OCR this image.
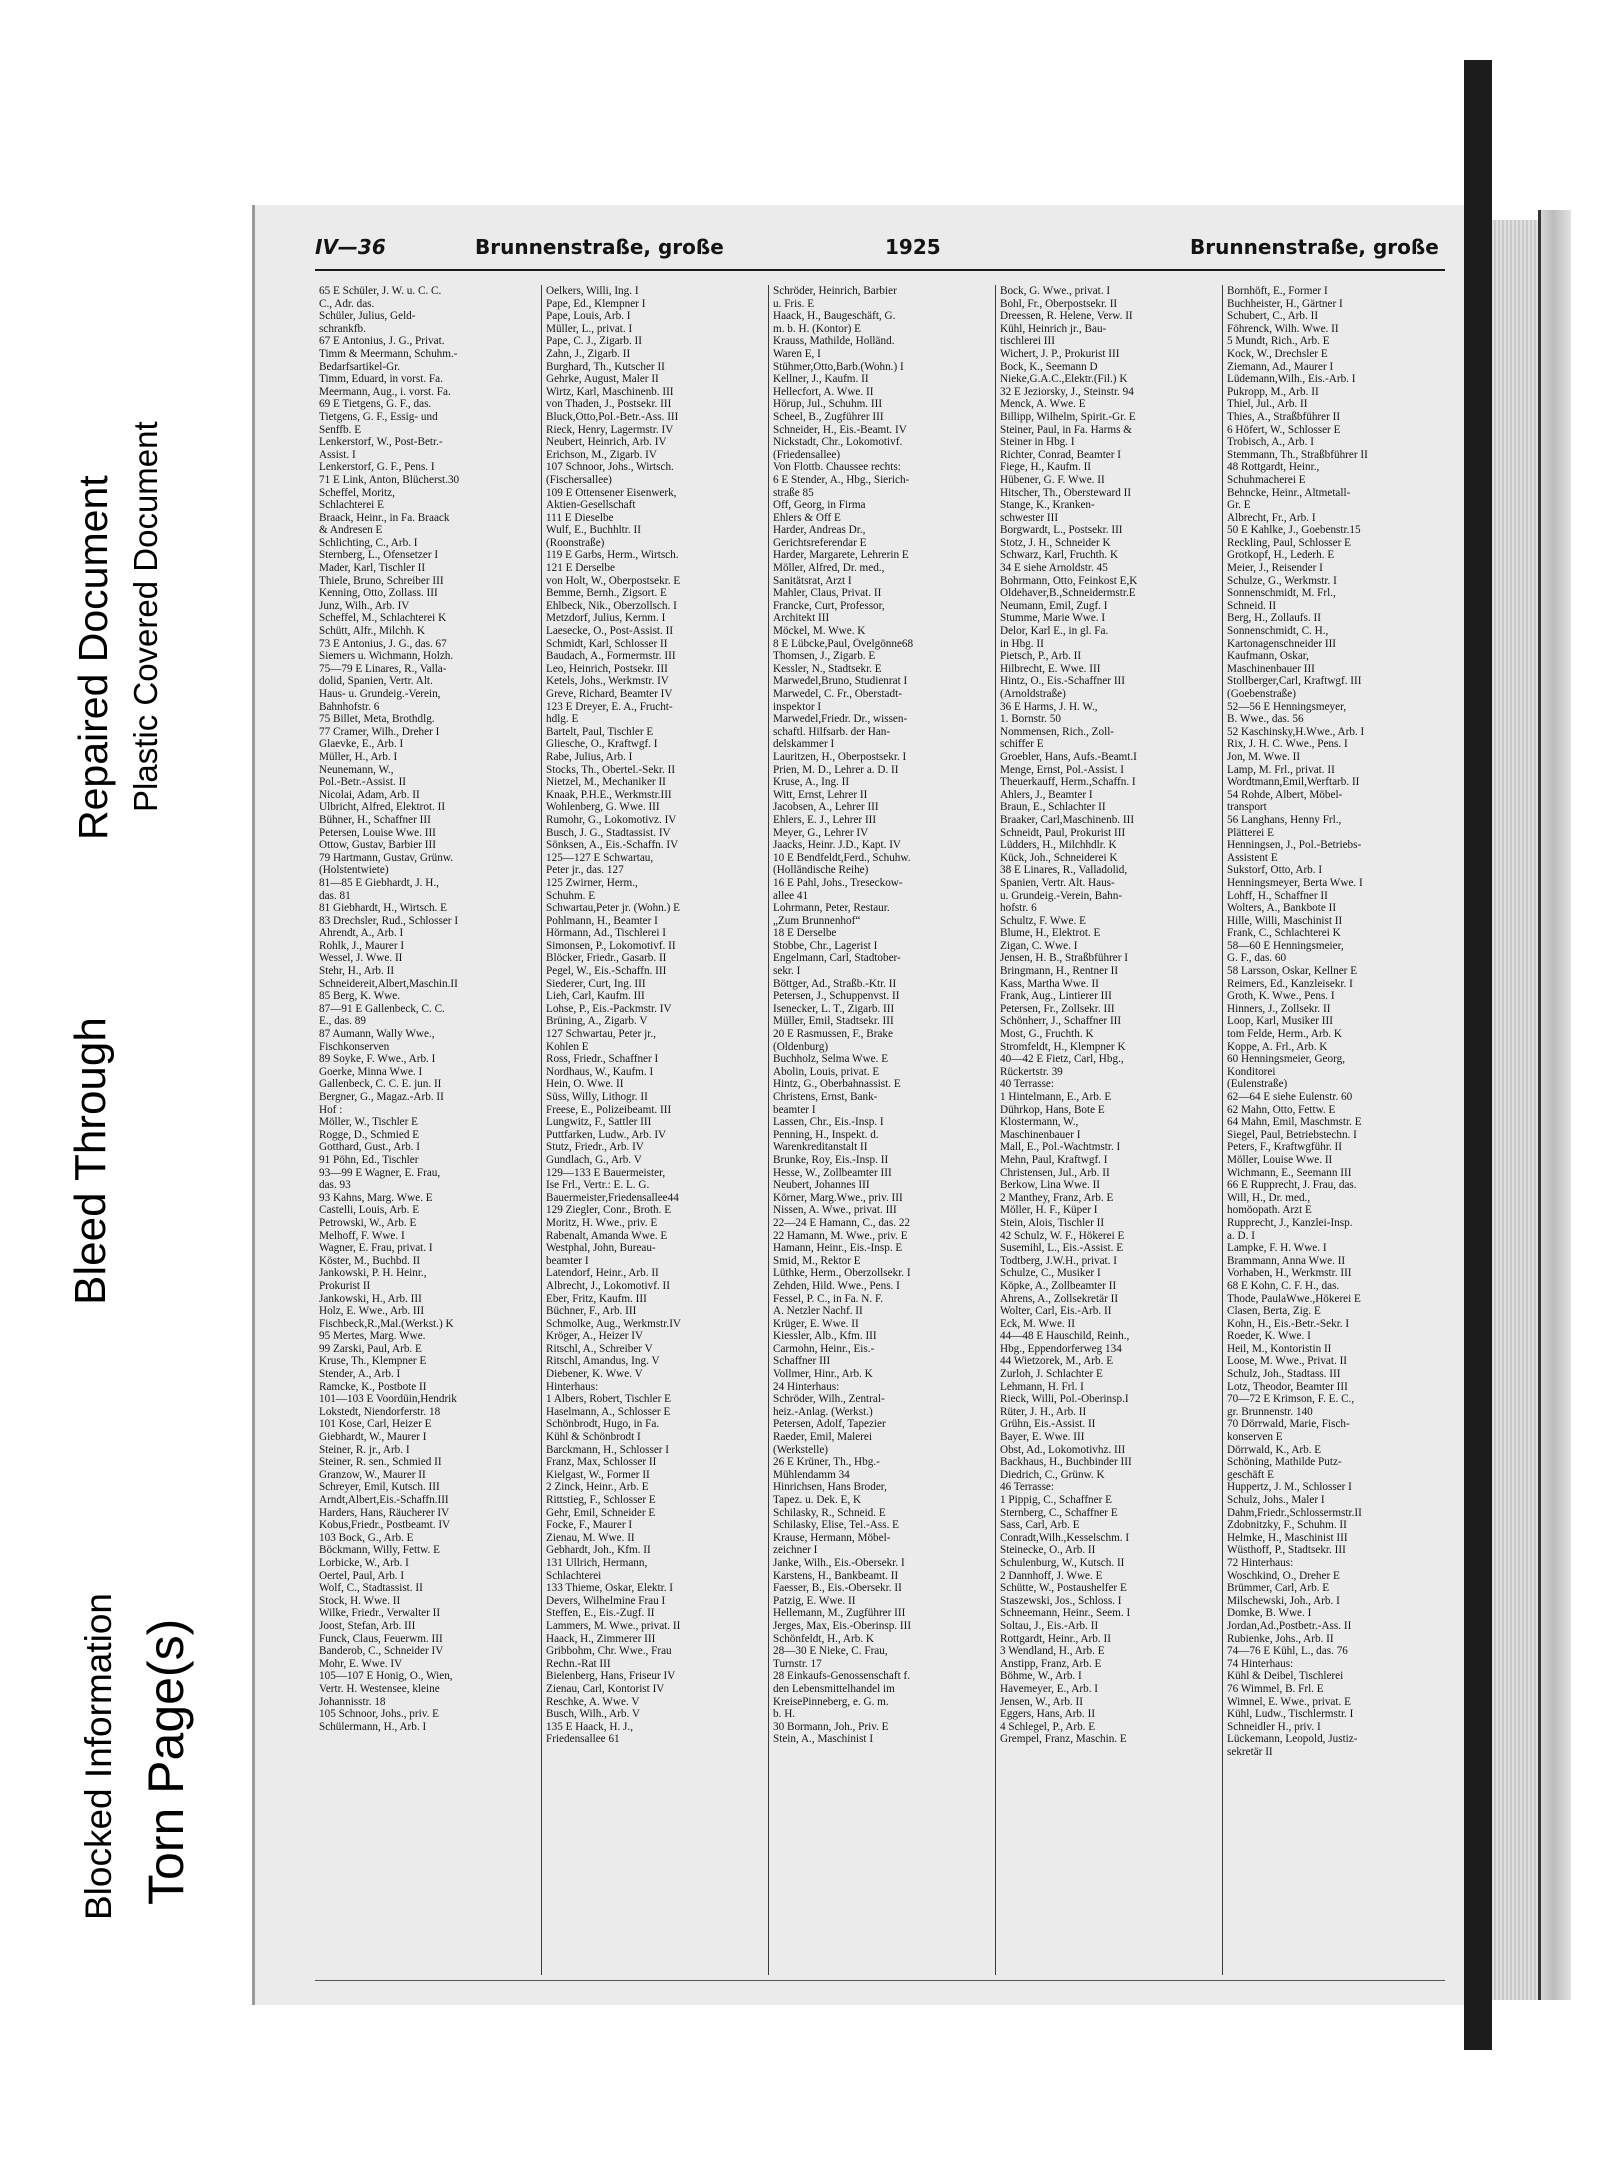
Bleed Through
Repaired Document Plastic Covered Document
Blocked Information Torn Page(s)
IV—36	Brunnenstraße, große	1925	Brunnenstraße, große
65 E Schüler, J. W. u. C. C.
C., Adr. das.
Schüler, Julius, Geld-
schrankfb.
67 E Antonius, J. G., Privat.
Timm & Meermann, Schuhm.-
Bedarfsartikel-Gr.
Timm, Eduard, in vorst. Fa.
Meermann, Aug., i. vorst. Fa.
69 E Tietgens, G. F., das.
Tietgens, G. F., Essig- und
Senffb. E
Lenkerstorf, W., Post-Betr.-
Assist. I
Lenkerstorf, G. F., Pens. I
71 E Link, Anton, Blücherst.30
Scheffel, Moritz,
Schlachterei E
Braack, Heinr., in Fa. Braack
& Andresen E
Schlichting, C., Arb. I
Sternberg, L., Ofensetzer I
Mader, Karl, Tischler II
Thiele, Bruno, Schreiber III
Kenning, Otto, Zollass. III
Junz, Wilh., Arb. IV
Scheffel, M., Schlachterei K
Schütt, Alfr., Milchh. K
73 E Antonius, J. G., das. 67
Siemers u. Wichmann, Holzh.
75—79 E Linares, R., Valla-
dolid, Spanien, Vertr. Alt.
Haus- u. Grundeig.-Verein,
Bahnhofstr. 6
75 Billet, Meta, Brothdlg.
77 Cramer, Wilh., Dreher I
Glaevke, E., Arb. I
Müller, H., Arb. I
Neunemann, W.,
Pol.-Betr.-Assist. II
Nicolai, Adam, Arb. II
Ulbricht, Alfred, Elektrot. II
Bühner, H., Schaffner III
Petersen, Louise Wwe. III
Ottow, Gustav, Barbier III
79 Hartmann, Gustav, Grünw.
(Holstentwiete)
81—85 E Giebhardt, J. H.,
das. 81
81 Giebhardt, H., Wirtsch. E
83 Drechsler, Rud., Schlosser I
Ahrendt, A., Arb. I
Rohlk, J., Maurer I
Wessel, J. Wwe. II
Stehr, H., Arb. II
Schneidereit,Albert,Maschin.II
85 Berg, K. Wwe.
87—91 E Gallenbeck, C. C.
E., das. 89
87 Aumann, Wally Wwe.,
Fischkonserven
89 Soyke, F. Wwe., Arb. I
Goerke, Minna Wwe. I
Gallenbeck, C. C. E. jun. II
Bergner, G., Magaz.-Arb. II
Hof :
Möller, W., Tischler E
Rogge, D., Schmied E
Gotthard, Gust., Arb. I
91 Pöhn, Ed., Tischler
93—99 E Wagner, E. Frau,
das. 93
93 Kahns, Marg. Wwe. E
Castelli, Louis, Arb. E
Petrowski, W., Arb. E
Melhoff, F. Wwe. I
Wagner, E. Frau, privat. I
Köster, M., Buchbd. II
Jankowski, P. H. Heinr.,
Prokurist II
Jankowski, H., Arb. III
Holz, E. Wwe., Arb. III
Fischbeck,R.,Mal.(Werkst.) K
95 Mertes, Marg. Wwe.
99 Zarski, Paul, Arb. E
Kruse, Th., Klempner E
Stender, A., Arb. I
Ramcke, K., Postbote II
101—103 E Voordüin,Hendrik
Lokstedt, Niendorferstr. 18
101 Kose, Carl, Heizer E
Giebhardt, W., Maurer I
Steiner, R. jr., Arb. I
Steiner, R. sen., Schmied II
Granzow, W., Maurer II
Schreyer, Emil, Kutsch. III
Arndt,Albert,Eis.-Schaffn.III
Harders, Hans, Räucherer IV
Kobus,Friedr., Postbeamt. IV
103 Bock, G., Arb. E
Böckmann, Willy, Fettw. E
Lorbicke, W., Arb. I
Oertel, Paul, Arb. I
Wolf, C., Stadtassist. II
Stock, H. Wwe. II
Wilke, Friedr., Verwalter II
Joost, Stefan, Arb. III
Funck, Claus, Feuerwm. III
Banderob, C., Schneider IV
Mohr, E. Wwe. IV
105—107 E Honig, O., Wien,
Vertr. H. Westensee, kleine
Johannisstr. 18
105 Schnoor, Johs., priv. E
Schülermann, H., Arb. I
Oelkers, Willi, Ing. I
Pape, Ed., Klempner I
Pape, Louis, Arb. I
Müller, L., privat. I
Pape, C. J., Zigarb. II
Zahn, J., Zigarb. II
Burghard, Th., Kutscher II
Gehrke, August, Maler II
Wirtz, Karl, Maschinenb. III
von Thaden, J., Postsekr. III
Bluck,Otto,Pol.-Betr.-Ass. III
Rieck, Henry, Lagermstr. IV
Neubert, Heinrich, Arb. IV
Erichson, M., Zigarb. IV
107 Schnoor, Johs., Wirtsch.
(Fischersallee)
109 E Ottensener Eisenwerk,
Aktien-Gesellschaft
111 E Dieselbe
Wulf, E., Buchhltr. II
(Roonstraße)
119 E Garbs, Herm., Wirtsch.
121 E Derselbe
von Holt, W., Oberpostsekr. E
Bemme, Bernh., Zigsort. E
Ehlbeck, Nik., Oberzollsch. I
Metzdorf, Julius, Kernm. I
Laesecke, O., Post-Assist. II
Schmidt, Karl, Schlosser II
Baudach, A., Formermstr. III
Leo, Heinrich, Postsekr. III
Ketels, Johs., Werkmstr. IV
Greve, Richard, Beamter IV
123 E Dreyer, E. A., Frucht-
hdlg. E
Bartelt, Paul, Tischler E
Gliesche, O., Kraftwgf. I
Rabe, Julius, Arb. I
Stocks, Th., Obertel.-Sekr. II
Nietzel, M., Mechaniker II
Knaak, P.H.E., Werkmstr.III
Wohlenberg, G. Wwe. III
Rumohr, G., Lokomotivz. IV
Busch, J. G., Stadtassist. IV
Sönksen, A., Eis.-Schaffn. IV
125—127 E Schwartau,
Peter jr., das. 127
125 Zwirner, Herm.,
Schuhm. E
Schwartau,Peter jr. (Wohn.) E
Pohlmann, H., Beamter I
Hörmann, Ad., Tischlerei I
Simonsen, P., Lokomotivf. II
Blöcker, Friedr., Gasarb. II
Pegel, W., Eis.-Schaffn. III
Siederer, Curt, Ing. III
Lieh, Carl, Kaufm. III
Lohse, P., Eis.-Packmstr. IV
Brüning, A., Zigarb. V
127 Schwartau, Peter jr.,
Kohlen E
Ross, Friedr., Schaffner I
Nordhaus, W., Kaufm. I
Hein, O. Wwe. II
Süss, Willy, Lithogr. II
Freese, E., Polizeibeamt. III
Lungwitz, F., Sattler III
Puttfarken, Ludw., Arb. IV
Stutz, Friedr., Arb. IV
Gundlach, G., Arb. V
129—133 E Bauermeister,
Ise Frl., Vertr.: E. L. G.
Bauermeister,Friedensallee44
129 Ziegler, Conr., Broth. E
Moritz, H. Wwe., priv. E
Rabenalt, Amanda Wwe. E
Westphal, John, Bureau-
beamter I
Latendorf, Heinr., Arb. II
Albrecht, J., Lokomotivf. II
Eber, Fritz, Kaufm. III
Büchner, F., Arb. III
Schmolke, Aug., Werkmstr.IV
Kröger, A., Heizer IV
Ritschl, A., Schreiber V
Ritschl, Amandus, Ing. V
Diebener, K. Wwe. V
Hinterhaus:
1 Albers, Robert, Tischler E
Haselmann, A., Schlosser E
Schönbrodt, Hugo, in Fa.
Kühl & Schönbrodt I
Barckmann, H., Schlosser I
Franz, Max, Schlosser II
Kielgast, W., Former II
2 Zinck, Heinr., Arb. E
Rittstieg, F., Schlosser E
Gehr, Emil, Schneider E
Focke, F., Maurer I
Zienau, M. Wwe. II
Gebhardt, Joh., Kfm. II
131 Ullrich, Hermann,
Schlachterei
133 Thieme, Oskar, Elektr. I
Devers, Wilhelmine Frau I
Steffen, E., Eis.-Zugf. II
Lammers, M. Wwe., privat. II
Haack, H., Zimmerer III
Gribbohm, Chr. Wwe., Frau
Rechn.-Rat III
Bielenberg, Hans, Friseur IV
Zienau, Carl, Kontorist IV
Reschke, A. Wwe. V
Busch, Wilh., Arb. V
135 E Haack, H. J.,
Friedensallee 61
Schröder, Heinrich, Barbier
u. Fris. E
Haack, H., Baugeschäft, G.
m. b. H. (Kontor) E
Krauss, Mathilde, Holländ.
Waren E, I
Stühmer,Otto,Barb.(Wohn.) I
Kellner, J., Kaufm. II
Hellecfort, A. Wwe. II
Hörup, Jul., Schuhm. III
Scheel, B., Zugführer III
Schneider, H., Eis.-Beamt. IV
Nickstadt, Chr., Lokomotivf.
(Friedensallee)
Von Flottb. Chaussee rechts:
6 E Stender, A., Hbg., Sierich-
straße 85
Off, Georg, in Firma
Ehlers & Off E
Harder, Andreas Dr.,
Gerichtsreferendar E
Harder, Margarete, Lehrerin E
Möller, Alfred, Dr. med.,
Sanitätsrat, Arzt I
Mahler, Claus, Privat. II
Francke, Curt, Professor,
Architekt III
Möckel, M. Wwe. K
8 E Lübcke,Paul, Övelgönne68
Thomsen, J., Zigarb. E
Kessler, N., Stadtsekr. E
Marwedel,Bruno, Studienrat I
Marwedel, C. Fr., Oberstadt-
inspektor I
Marwedel,Friedr. Dr., wissen-
schaftl. Hilfsarb. der Han-
delskammer I
Lauritzen, H., Oberpostsekr. I
Prien, M. D., Lehrer a. D. II
Kruse, A., Ing. II
Witt, Ernst, Lehrer II
Jacobsen, A., Lehrer III
Ehlers, E. J., Lehrer III
Meyer, G., Lehrer IV
Jaacks, Heinr. J.D., Kapt. IV
10 E Bendfeldt,Ferd., Schuhw.
(Holländische Reihe)
16 E Pahl, Johs., Treseckow-
allee 41
Lohrmann, Peter, Restaur.
„Zum Brunnenhof“
18 E Derselbe
Stobbe, Chr., Lagerist I
Engelmann, Carl, Stadtober-
sekr. I
Böttger, Ad., Straßb.-Ktr. II
Petersen, J., Schuppenvst. II
Isenecker, L. T., Zigarb. III
Müller, Emil, Stadtsekr. III
20 E Rasmussen, F., Brake
(Oldenburg)
Buchholz, Selma Wwe. E
Abolin, Louis, privat. E
Hintz, G., Oberbahnassist. E
Christens, Ernst, Bank-
beamter I
Lassen, Chr., Eis.-Insp. I
Penning, H., Inspekt. d.
Warenkreditanstalt II
Brunke, Roy, Eis.-Insp. II
Hesse, W., Zollbeamter III
Neubert, Johannes III
Körner, Marg.Wwe., priv. III
Nissen, A. Wwe., privat. III
22—24 E Hamann, C., das. 22
22 Hamann, M. Wwe., priv. E
Hamann, Heinr., Eis.-Insp. E
Smid, M., Rektor E
Lüthke, Herm., Oberzollsekr. I
Zehden, Hild. Wwe., Pens. I
Fessel, P. C., in Fa. N. F.
A. Netzler Nachf. II
Krüger, E. Wwe. II
Kiessler, Alb., Kfm. III
Carmohn, Heinr., Eis.-
Schaffner III
Vollmer, Hinr., Arb. K
24 Hinterhaus:
Schröder, Wilh., Zentral-
heiz.-Anlag. (Werkst.)
Petersen, Adolf, Tapezier
Raeder, Emil, Malerei
(Werkstelle)
26 E Krüner, Th., Hbg.-
Mühlendamm 34
Hinrichsen, Hans Broder,
Tapez. u. Dek. E, K
Schilasky, R., Schneid. E
Schilasky, Elise, Tel.-Ass. E
Krause, Hermann, Möbel-
zeichner I
Janke, Wilh., Eis.-Obersekr. I
Karstens, H., Bankbeamt. II
Faesser, B., Eis.-Obersekr. II
Patzig, E. Wwe. II
Hellemann, M., Zugführer III
Jerges, Max, Eis.-Oberinsp. III
Schönfeldt, H., Arb. K
28—30 E Nieke, C. Frau,
Turnstr. 17
28 Einkaufs-Genossenschaft f.
den Lebensmittelhandel im
KreisePinneberg, e. G. m.
b. H.
30 Bormann, Joh., Priv. E
Stein, A., Maschinist I
Bock, G. Wwe., privat. I
Bohl, Fr., Oberpostsekr. II
Dreessen, R. Helene, Verw. II
Kühl, Heinrich jr., Bau-
tischlerei III
Wichert, J. P., Prokurist III
Bock, K., Seemann D
Nieke,G.A.C.,Elektr.(Fil.) K
32 E Jeziorsky, J., Steinstr. 94
Menck, A. Wwe. E
Billipp, Wilhelm, Spirit.-Gr. E
Steiner, Paul, in Fa. Harms &
Steiner in Hbg. I
Richter, Conrad, Beamter I
Fiege, H., Kaufm. II
Hübener, G. F. Wwe. II
Hitscher, Th., Obersteward II
Stange, K., Kranken-
schwester III
Borgwardt, L., Postsekr. III
Stotz, J. H., Schneider K
Schwarz, Karl, Fruchth. K
34 E siehe Arnoldstr. 45
Bohrmann, Otto, Feinkost E,K
Oldehaver,B.,Schneidermstr.E
Neumann, Emil, Zugf. I
Stumme, Marie Wwe. I
Delor, Karl E., in gl. Fa.
in Hbg. II
Pietsch, P., Arb. II
Hilbrecht, E. Wwe. III
Hintz, O., Eis.-Schaffner III
(Arnoldstraße)
36 E Harms, J. H. W.,
1. Bornstr. 50
Nommensen, Rich., Zoll-
schiffer E
Groebler, Hans, Aufs.-Beamt.I
Menge, Ernst, Pol.-Assist. I
Theuerkauff, Herm.,Schaffn. I
Ahlers, J., Beamter I
Braun, E., Schlachter II
Braaker, Carl,Maschinenb. III
Schneidt, Paul, Prokurist III
Lüdders, H., Milchhdlr. K
Kück, Joh., Schneiderei K
38 E Linares, R., Valladolid,
Spanien, Vertr. Alt. Haus-
u. Grundeig.-Verein, Bahn-
hofstr. 6
Schultz, F. Wwe. E
Blume, H., Elektrot. E
Zigan, C. Wwe. I
Jensen, H. B., Straßbführer I
Bringmann, H., Rentner II
Kass, Martha Wwe. II
Frank, Aug., Lintierer III
Petersen, Fr., Zollsekr. III
Schönherr, J., Schaffner III
Most, G., Fruchth. K
Stromfeldt, H., Klempner K
40—42 E Fietz, Carl, Hbg.,
Rückertstr. 39
40 Terrasse:
1 Hintelmann, E., Arb. E
Dührkop, Hans, Bote E
Klostermann, W.,
Maschinenbauer I
Mall, E., Pol.-Wachtmstr. I
Mehn, Paul, Kraftwgf. I
Christensen, Jul., Arb. II
Berkow, Lina Wwe. II
2 Manthey, Franz, Arb. E
Möller, H. F., Küper I
Stein, Alois, Tischler II
42 Schulz, W. F., Hökerei E
Susemihl, L., Eis.-Assist. E
Todtberg, J.W.H., privat. I
Schulze, C., Musiker I
Köpke, A., Zollbeamter II
Ahrens, A., Zollsekretär II
Wolter, Carl, Eis.-Arb. II
Eck, M. Wwe. II
44—48 E Hauschild, Reinh.,
Hbg., Eppendorferweg 134
44 Wietzorek, M., Arb. E
Zurloh, J. Schlachter E
Lehmann, H. Frl. I
Rieck, Willi, Pol.-Oberinsp.I
Rüter, J. H., Arb. II
Grühn, Eis.-Assist. II
Bayer, E. Wwe. III
Obst, Ad., Lokomotivhz. III
Backhaus, H., Buchbinder III
Diedrich, C., Grünw. K
46 Terrasse:
1 Pippig, C., Schaffner E
Sternberg, C., Schaffner E
Sass, Carl, Arb. E
Conradt,Wilh.,Kesselschm. I
Steinecke, O., Arb. II
Schulenburg, W., Kutsch. II
2 Dannhoff, J. Wwe. E
Schütte, W., Postaushelfer E
Staszewski, Jos., Schloss. I
Schneemann, Heinr., Seem. I
Soltau, J., Eis.-Arb. II
Rottgardt, Heinr., Arb. II
3 Wendland, H., Arb. E
Anstipp, Franz, Arb. E
Böhme, W., Arb. I
Havemeyer, E., Arb. I
Jensen, W., Arb. II
Eggers, Hans, Arb. II
4 Schlegel, P., Arb. E
Grempel, Franz, Maschin. E
Bornhöft, E., Former I
Buchheister, H., Gärtner I
Schubert, C., Arb. II
Föhrenck, Wilh. Wwe. II
5 Mundt, Rich., Arb. E
Kock, W., Drechsler E
Ziemann, Ad., Maurer I
Lüdemann,Wilh., Eis.-Arb. I
Pukropp, M., Arb. II
Thiel, Jul., Arb. II
Thies, A., Straßbführer II
6 Höfert, W., Schlosser E
Trobisch, A., Arb. I
Stemmann, Th., Straßbführer II
48 Rottgardt, Heinr.,
Schuhmacherei E
Behncke, Heinr., Altmetall-
Gr. E
Albrecht, Fr., Arb. I
50 E Kahlke, J., Goebenstr.15
Reckling, Paul, Schlosser E
Grotkopf, H., Lederh. E
Meier, J., Reisender I
Schulze, G., Werkmstr. I
Sonnenschmidt, M. Frl.,
Schneid. II
Berg, H., Zollaufs. II
Sonnenschmidt, C. H.,
Kartonagenschneider III
Kaufmann, Oskar,
Maschinenbauer III
Stollberger,Carl, Kraftwgf. III
(Goebenstraße)
52—56 E Henningsmeyer,
B. Wwe., das. 56
52 Kaschinsky,H.Wwe., Arb. I
Rix, J. H. C. Wwe., Pens. I
Jon, M. Wwe. II
Lamp, M. Frl., privat. II
Wordtmann,Emil,Werftarb. II
54 Rohde, Albert, Möbel-
transport
56 Langhans, Henny Frl.,
Plätterei E
Henningsen, J., Pol.-Betriebs-
Assistent E
Sukstorf, Otto, Arb. I
Henningsmeyer, Berta Wwe. I
Lohff, H., Schaffner II
Wolters, A., Bankbote II
Hille, Willi, Maschinist II
Frank, C., Schlachterei K
58—60 E Henningsmeier,
G. F., das. 60
58 Larsson, Oskar, Kellner E
Reimers, Ed., Kanzleisekr. I
Groth, K. Wwe., Pens. I
Hinners, J., Zollsekr. II
Loop, Karl, Musiker III
tom Felde, Herm., Arb. K
Koppe, A. Frl., Arb. K
60 Henningsmeier, Georg,
Konditorei
(Eulenstraße)
62—64 E siehe Eulenstr. 60
62 Mahn, Otto, Fettw. E
64 Mahn, Emil, Maschmstr. E
Siegel, Paul, Betriebstechn. I
Peters, F., Kraftwgführ. II
Möller, Louise Wwe. II
Wichmann, E., Seemann III
66 E Rupprecht, J. Frau, das.
Will, H., Dr. med.,
homöopath. Arzt E
Rupprecht, J., Kanzlei-Insp.
a. D. I
Lampke, F. H. Wwe. I
Brammann, Anna Wwe. II
Vorhaben, H., Werkmstr. III
68 E Kohn, C. F. H., das.
Thode, PaulaWwe.,Hökerei E
Clasen, Berta, Zig. E
Kohn, H., Eis.-Betr.-Sekr. I
Roeder, K. Wwe. I
Heil, M., Kontoristin II
Loose, M. Wwe., Privat. II
Schulz, Joh., Stadtass. III
Lotz, Theodor, Beamter III
70—72 E Krimson, F. E. C.,
gr. Brunnenstr. 140
70 Dörrwald, Marie, Fisch-
konserven E
Dörrwald, K., Arb. E
Schöning, Mathilde Putz-
geschäft E
Huppertz, J. M., Schlosser I
Schulz, Johs., Maler I
Dahm,Friedr.,Schlossermstr.II
Zdobnitzky, F., Schuhm. II
Helmke, H., Maschinist III
Wüsthoff, P., Stadtsekr. III
72 Hinterhaus:
Woschkind, O., Dreher E
Brümmer, Carl, Arb. E
Milschewski, Joh., Arb. I
Domke, B. Wwe. I
Jordan,Ad.,Postbetr.-Ass. II
Rubienke, Johs., Arb. II
74—76 E Kühl, L., das. 76
74 Hinterhaus:
Kühl & Deibel, Tischlerei
76 Wimmel, B. Frl. E
Wimnel, E. Wwe., privat. E
Kühl, Ludw., Tischlermstr. I
Schneidler H., priv. I
Lückemann, Leopold, Justiz-
sekretär II
